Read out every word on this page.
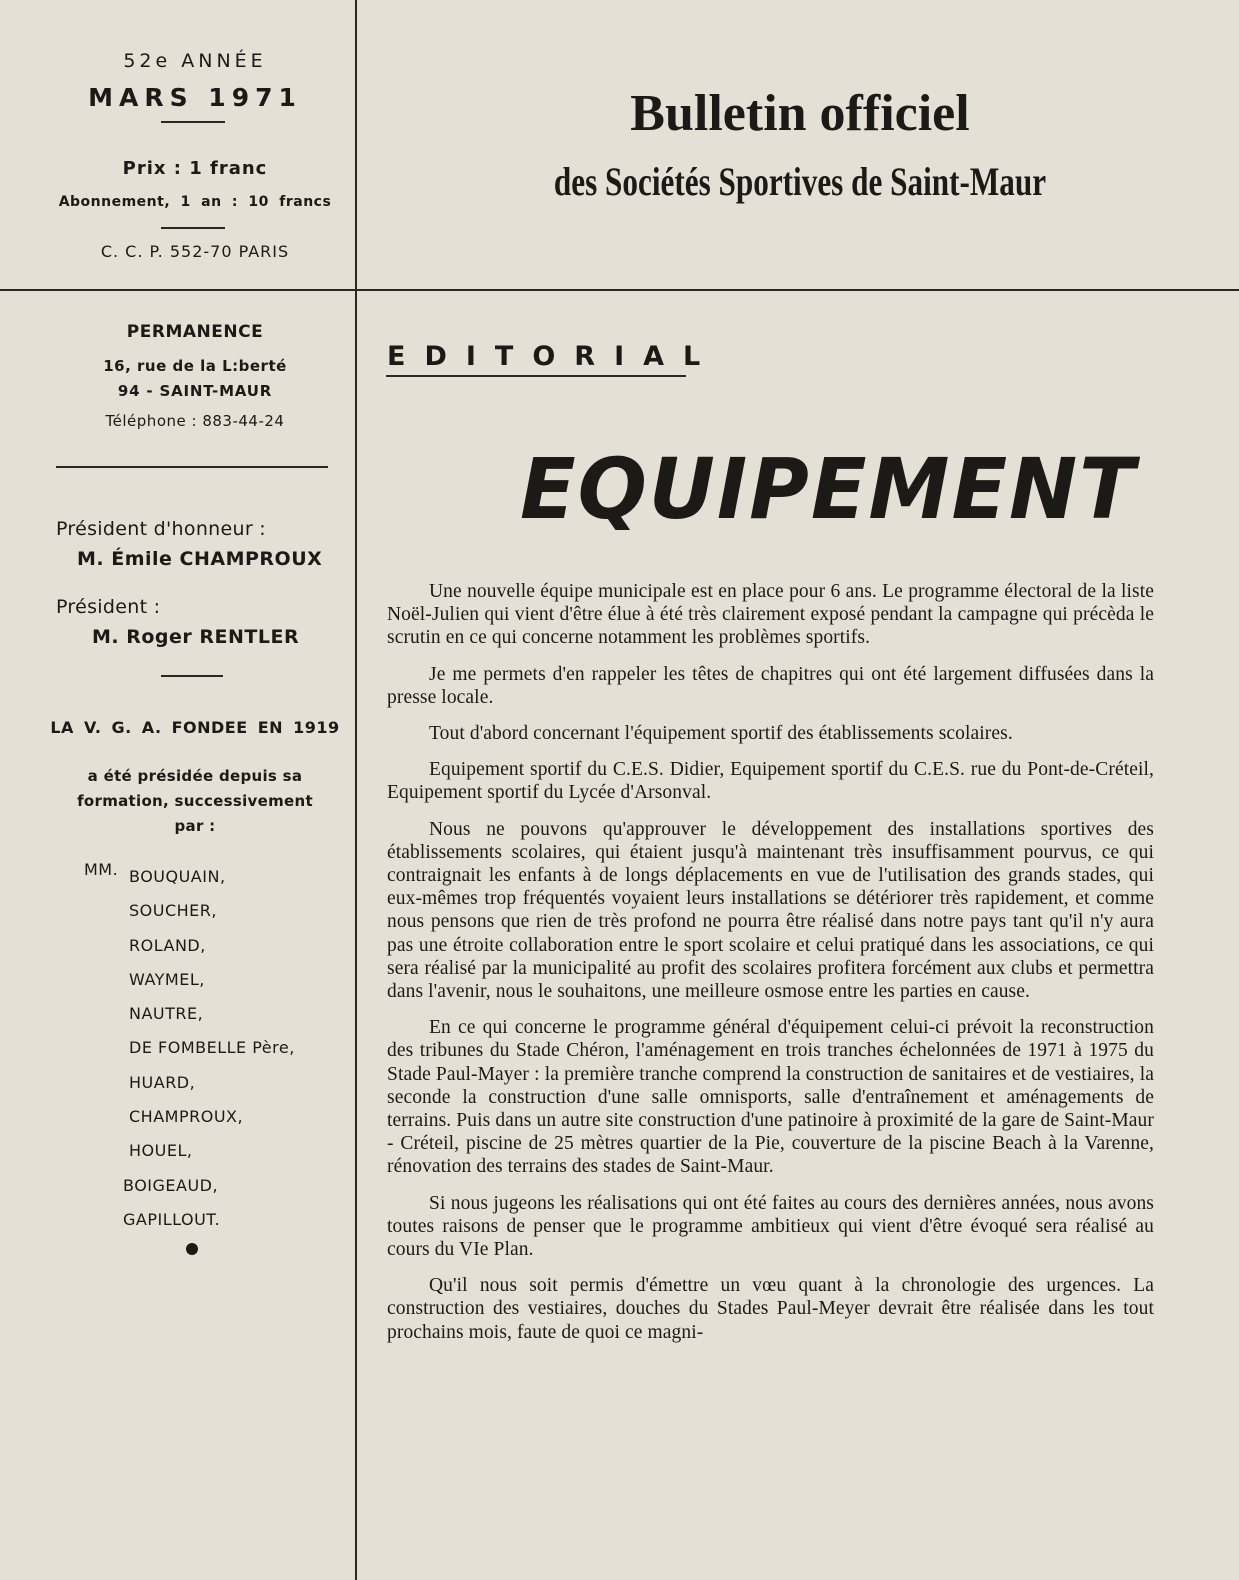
52e ANNÉE
MARS 1971
Prix : 1 franc
Abonnement, 1 an : 10 francs
C. C. P. 552-70 PARIS
Bulletin officiel
des Sociétés Sportives de Saint-Maur
PERMANENCE
16, rue de la L:berté
94 - SAINT-MAUR
Téléphone : 883-44-24
Président d'honneur :
M. Émile CHAMPROUX
Président :
M. Roger RENTLER
LA V. G. A. FONDEE EN 1919
a été présidée depuis sa formation, successivement par :
MM. BOUQUAIN,
SOUCHER,
ROLAND,
WAYMEL,
NAUTRE,
DE FOMBELLE Père,
HUARD,
CHAMPROUX,
HOUEL,
BOIGEAUD,
GAPILLOUT.
EDITORIAL
EQUIPEMENT

Une nouvelle équipe municipale est en place pour 6 ans. Le programme électoral de la liste Noël-Julien qui vient d'être élue à été très clairement exposé pendant la campagne qui précèda le scrutin en ce qui concerne notamment les problèmes sportifs.

Je me permets d'en rappeler les têtes de chapitres qui ont été largement diffusées dans la presse locale.

Tout d'abord concernant l'équipement sportif des établissements scolaires.

Equipement sportif du C.E.S. Didier, Equipement sportif du C.E.S. rue du Pont-de-Créteil, Equipement sportif du Lycée d'Arsonval.

Nous ne pouvons qu'approuver le développement des installations sportives des établissements scolaires, qui étaient jusqu'à maintenant très insuffisamment pourvus, ce qui contraignait les enfants à de longs déplacements en vue de l'utilisation des grands stades, qui eux-mêmes trop fréquentés voyaient leurs installations se détériorer très rapidement, et comme nous pensons que rien de très profond ne pourra être réalisé dans notre pays tant qu'il n'y aura pas une étroite collaboration entre le sport scolaire et celui pratiqué dans les associations, ce qui sera réalisé par la municipalité au profit des scolaires profitera forcément aux clubs et permettra dans l'avenir, nous le souhaitons, une meilleure osmose entre les parties en cause.

En ce qui concerne le programme général d'équipement celui-ci prévoit la reconstruction des tribunes du Stade Chéron, l'aménagement en trois tranches échelonnées de 1971 à 1975 du Stade Paul-Mayer : la première tranche comprend la construction de sanitaires et de vestiaires, la seconde la construction d'une salle omnisports, salle d'entraînement et aménagements de terrains. Puis dans un autre site construction d'une patinoire à proximité de la gare de Saint-Maur - Créteil, piscine de 25 mètres quartier de la Pie, couverture de la piscine Beach à la Varenne, rénovation des terrains des stades de Saint-Maur.

Si nous jugeons les réalisations qui ont été faites au cours des dernières années, nous avons toutes raisons de penser que le programme ambitieux qui vient d'être évoqué sera réalisé au cours du VIe Plan.

Qu'il nous soit permis d'émettre un vœu quant à la chronologie des urgences. La construction des vestiaires, douches du Stades Paul-Meyer devrait être réalisée dans les tout prochains mois, faute de quoi ce magni-
